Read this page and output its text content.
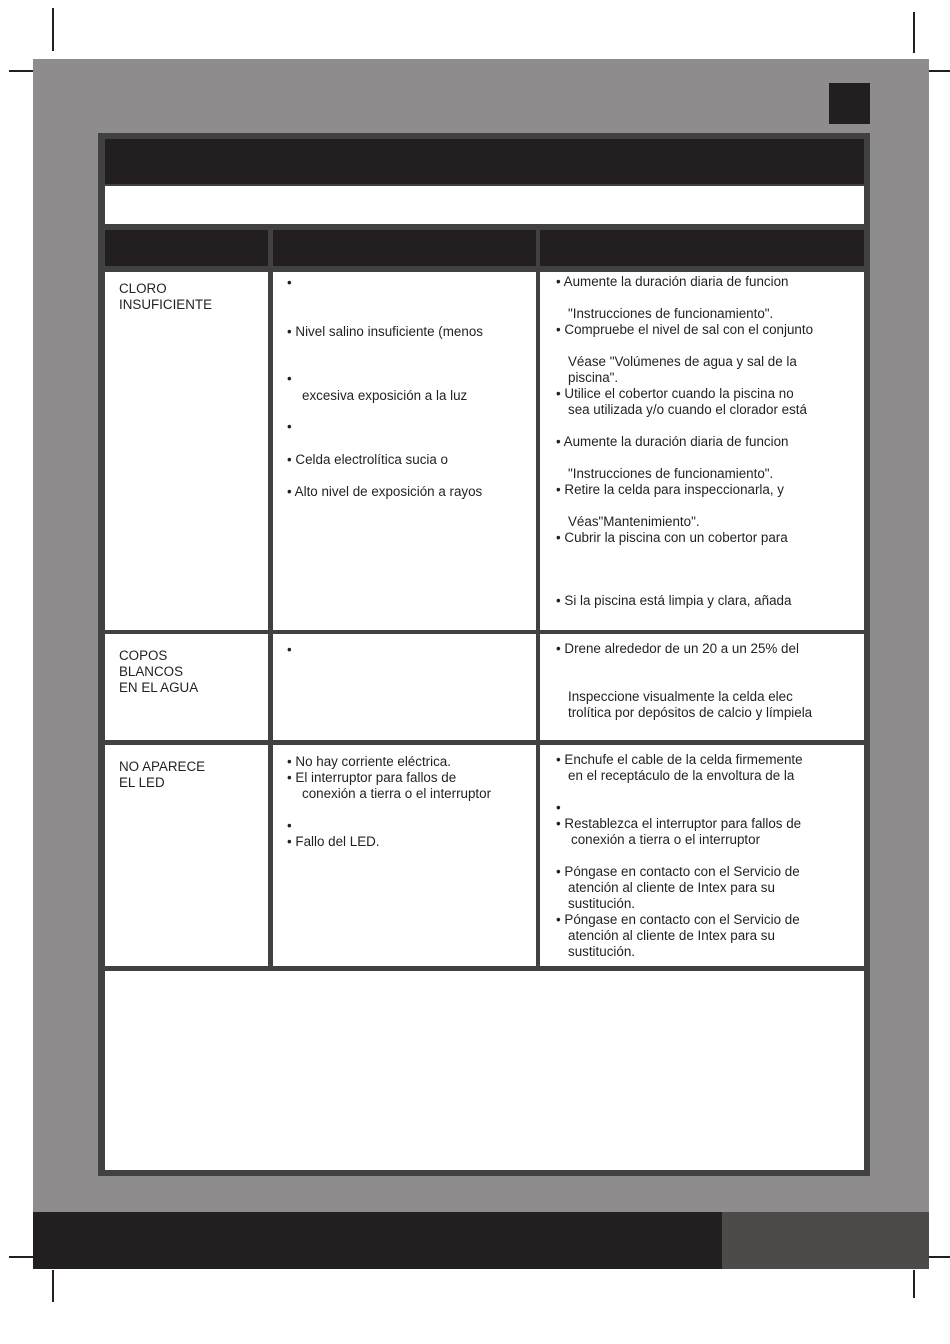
CLORO
INSUFICIENTE
•
• Nivel salino insuficiente (menos
•
excesiva exposición a la luz
•
• Celda electrolítica sucia o
• Alto nivel de exposición a rayos
• Aumente la duración diaria de funcion
"Instrucciones de funcionamiento".
• Compruebe el nivel de sal con el conjunto
Véase "Volúmenes de agua y sal de la
piscina".
• Utilice el cobertor cuando la piscina no
sea utilizada y/o cuando el clorador está
• Aumente la duración diaria de funcion
"Instrucciones de funcionamiento".
• Retire la celda para inspeccionarla, y
Véas"Mantenimiento".
• Cubrir la piscina con un cobertor para
• Si la piscina está limpia y clara, añada
COPOS
BLANCOS
EN EL AGUA
•	• Drene alrededor de un 20 a un 25% del
Inspeccione visualmente la celda elec
trolítica por depósitos de calcio y límpiela
NO APARECE
EL LED
• No hay corriente eléctrica.
• El interruptor para fallos de
conexión a tierra o el interruptor
•
• Fallo del LED.
• Enchufe el cable de la celda firmemente
en el receptáculo de la envoltura de la
•
• Restablezca el interruptor para fallos de
conexión a tierra o el interruptor
• Póngase en contacto con el Servicio de
atención al cliente de Intex para su
sustitución.
• Póngase en contacto con el Servicio de
atención al cliente de Intex para su
sustitución.
